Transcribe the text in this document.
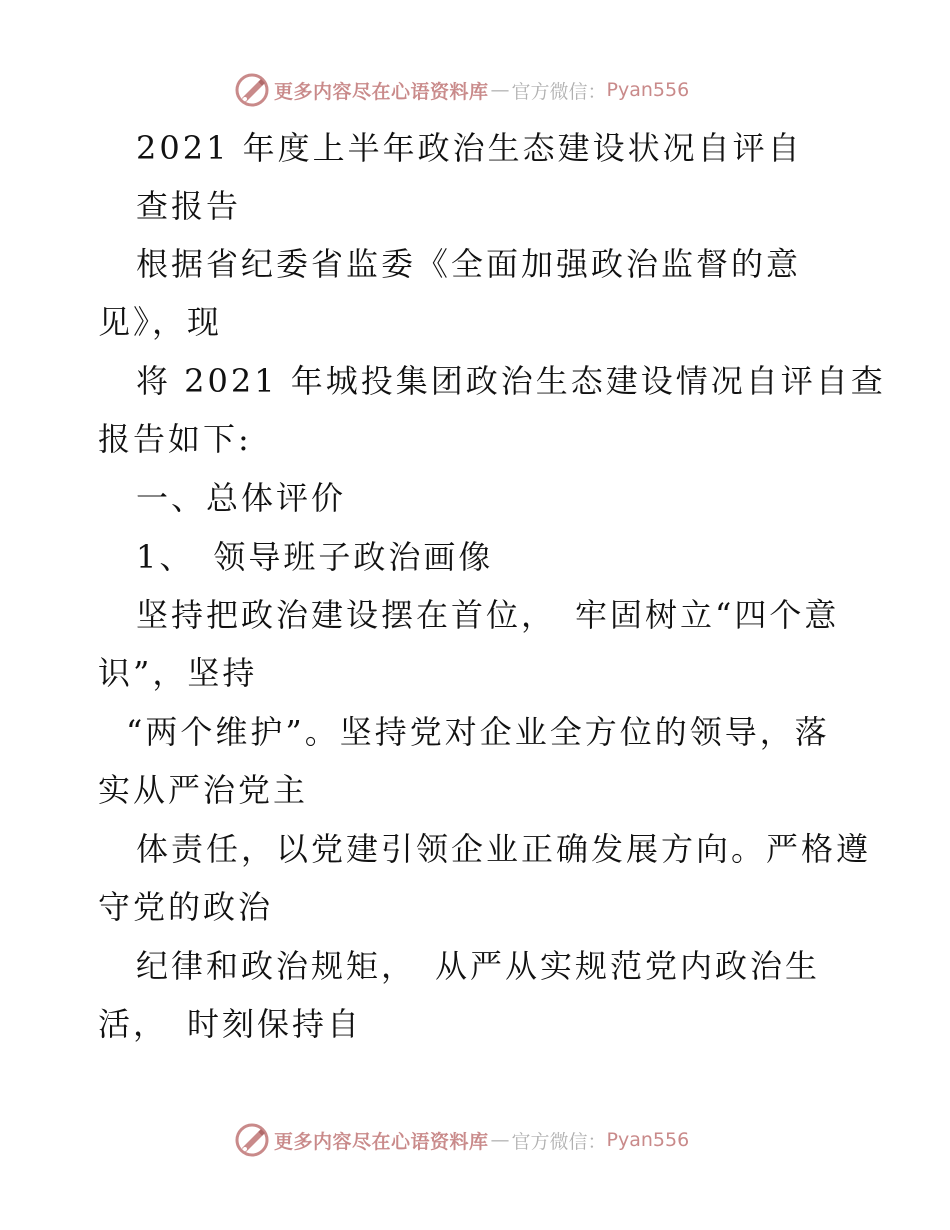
更多内容尽在心语资料库 — 官方微信： Pyan556
2021 年度上半年政治生态建设状况自评自
查报告
根据省纪委省监委《全面加强政治监督的意
见》，现
将 2021 年城投集团政治生态建设情况自评自查
报告如下:
一、总体评价
1、　领导班子政治画像
坚持把政治建设摆在首位，　牢固树立“四个意
识”，坚持
“两个维护”。坚持党对企业全方位的领导，落
实从严治党主
体责任，以党建引领企业正确发展方向。严格遵
守党的政治
纪律和政治规矩，　从严从实规范党内政治生
活，　时刻保持自
更多内容尽在心语资料库 — 官方微信： Pyan556
